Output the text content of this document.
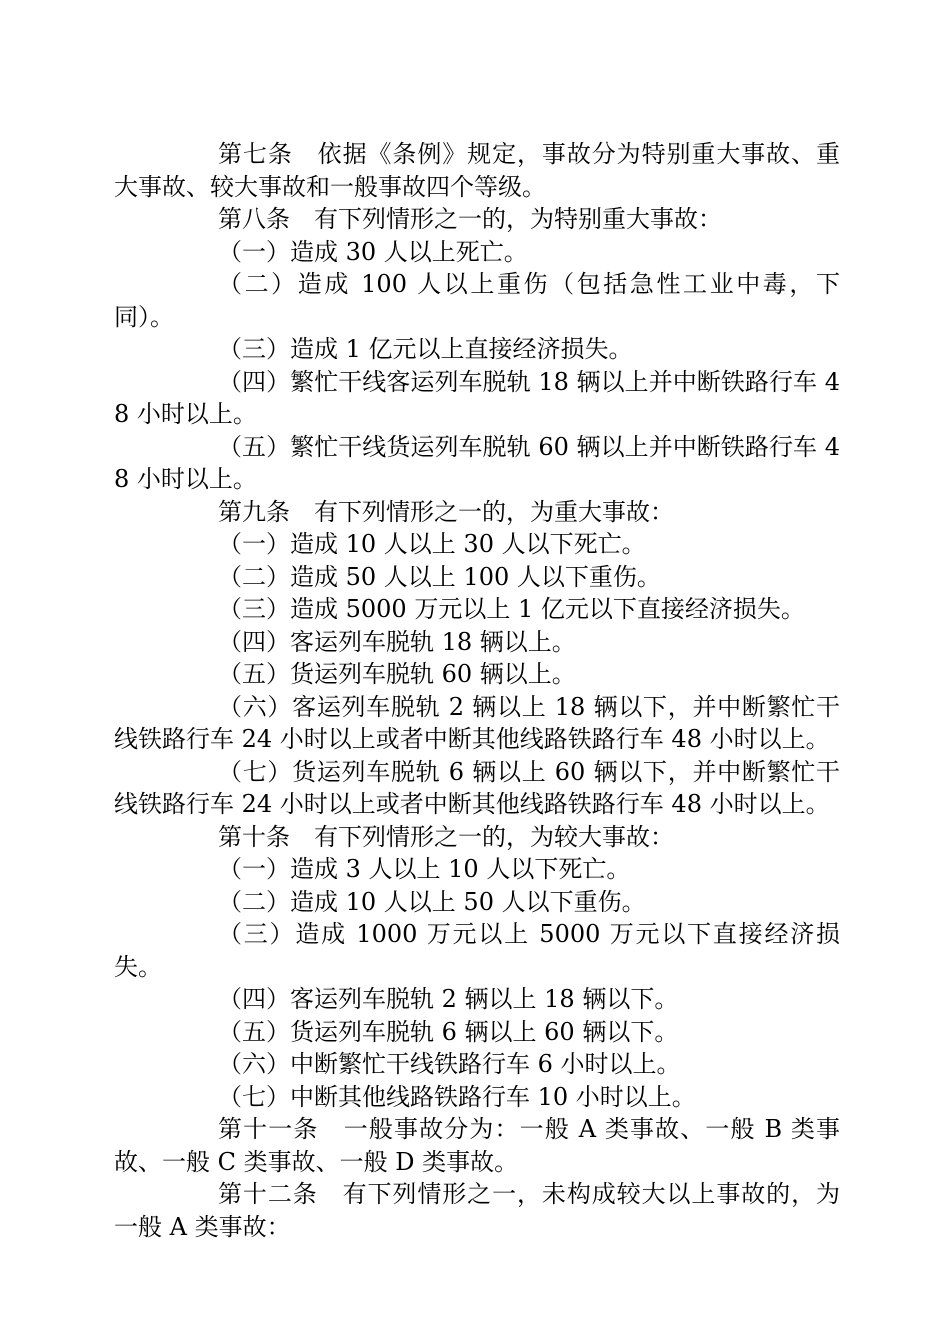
第七条　依据《条例》规定，事故分为特别重大事故、重大事故、较大事故和一般事故四个等级。

第八条　有下列情形之一的，为特别重大事故：

（一）造成 30 人以上死亡。

（二）造成 100 人以上重伤（包括急性工业中毒，下同）。

（三）造成 1 亿元以上直接经济损失。

（四）繁忙干线客运列车脱轨 18 辆以上并中断铁路行车 48 小时以上。

（五）繁忙干线货运列车脱轨 60 辆以上并中断铁路行车 48 小时以上。

第九条　有下列情形之一的，为重大事故：

（一）造成 10 人以上 30 人以下死亡。

（二）造成 50 人以上 100 人以下重伤。

（三）造成 5000 万元以上 1 亿元以下直接经济损失。

（四）客运列车脱轨 18 辆以上。

（五）货运列车脱轨 60 辆以上。

（六）客运列车脱轨 2 辆以上 18 辆以下，并中断繁忙干线铁路行车 24 小时以上或者中断其他线路铁路行车 48 小时以上。

（七）货运列车脱轨 6 辆以上 60 辆以下，并中断繁忙干线铁路行车 24 小时以上或者中断其他线路铁路行车 48 小时以上。

第十条　有下列情形之一的，为较大事故：

（一）造成 3 人以上 10 人以下死亡。

（二）造成 10 人以上 50 人以下重伤。

（三）造成 1000 万元以上 5000 万元以下直接经济损失。

（四）客运列车脱轨 2 辆以上 18 辆以下。

（五）货运列车脱轨 6 辆以上 60 辆以下。

（六）中断繁忙干线铁路行车 6 小时以上。

（七）中断其他线路铁路行车 10 小时以上。

第十一条　一般事故分为：一般 A 类事故、一般 B 类事故、一般 C 类事故、一般 D 类事故。

第十二条　有下列情形之一，未构成较大以上事故的，为一般 A 类事故：
